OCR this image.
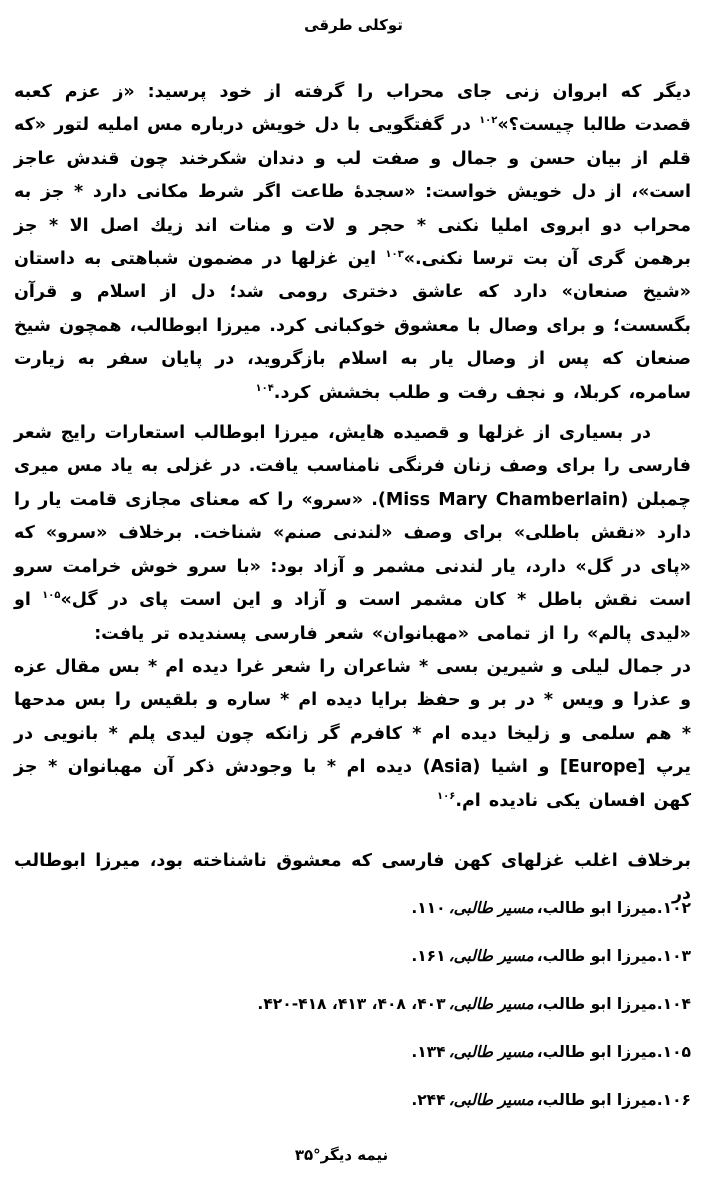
توکلی طرقی

دیگر که ابروان زنی جای محراب را گرفته از خود پرسید: «ز عزم کعبه قصدت طالبا چیست؟»$^{۱۰۲}$ در گفتگویی با دل خویش درباره مس املیه لتور «که قلم از بیان حسن و جمال و صفت لب و دندان شکرخند چون قندش عاجز است»، از دل خویش خواست: «سجدهٔ طاعت اگر شرط مکانی دارد * جز به محراب دو ابروی املیا نکنی * حجر و لات و منات اند زیك اصل الا * جز برهمن گری آن بت ترسا نکنی.»$^{۱۰۳}$ این غزلها در مضمون شباهتی به داستان «شیخ صنعان» دارد که عاشق دختری رومی شد؛ دل از اسلام و قرآن بگسست؛ و برای وصال با معشوق خوکبانی کرد. میرزا ابوطالب، همچون شیخ صنعان که پس از وصال یار به اسلام بازگروید، در پایان سفر به زیارت سامره، کربلا، و نجف رفت و طلب بخشش کرد.$^{۱۰۴}$

در بسیاری از غزلها و قصیده هایش، میرزا ابوطالب استعارات رایج شعر فارسی را برای وصف زنان فرنگی نامناسب یافت. در غزلی به یاد مس میری چمبلن (Miss Mary Chamberlain). «سرو» را که معنای مجازی قامت یار را دارد «نقش باطلی» برای وصف «لندنی صنم» شناخت. برخلاف «سرو» که «پای در گل» دارد، یار لندنی مشمر و آزاد بود: «با سرو خوش خرامت سرو است نقش باطل * کان مشمر است و آزاد و این است پای در گل»$^{۱۰۵}$ او «لیدی پالم» را از تمامی «مهبانوان» شعر فارسی پسندیده تر یافت:

در جمال لیلی و شیرین بسی * شاعران را شعر غرا دیده ام * بس مقال عزه و عذرا و ویس * در بر و حفظ برایا دیده ام * ساره و بلقیس را بس مدحها * هم سلمی و زلیخا دیده ام * کافرم گر زانکه چون لیدی پلم * بانویی در یرپ [Europe] و اشیا (Asia) دیده ام * با وجودش ذکر آن مهبانوان * جز کهن افسان یکی نادیده ام.$^{۱۰۶}$

برخلاف اغلب غزلهای کهن فارسی که معشوق ناشناخته بود، میرزا ابوطالب در

۱۰۲.میرزا ابو طالب،مسیر طالبی،۱۱۰.
۱۰۳.میرزا ابو طالب،مسیر طالبی،۱۶۱.
۱۰۴.میرزا ابو طالب،مسیر طالبی،۴۰۳، ۴۰۸، ۴۱۳، ۴۱۸-۴۲۰.
۱۰۵.میرزا ابو طالب،مسیر طالبی،۱۳۴.
۱۰۶.میرزا ابو طالب،مسیر طالبی،۲۴۴.
نیمه دیگر°۳۵
